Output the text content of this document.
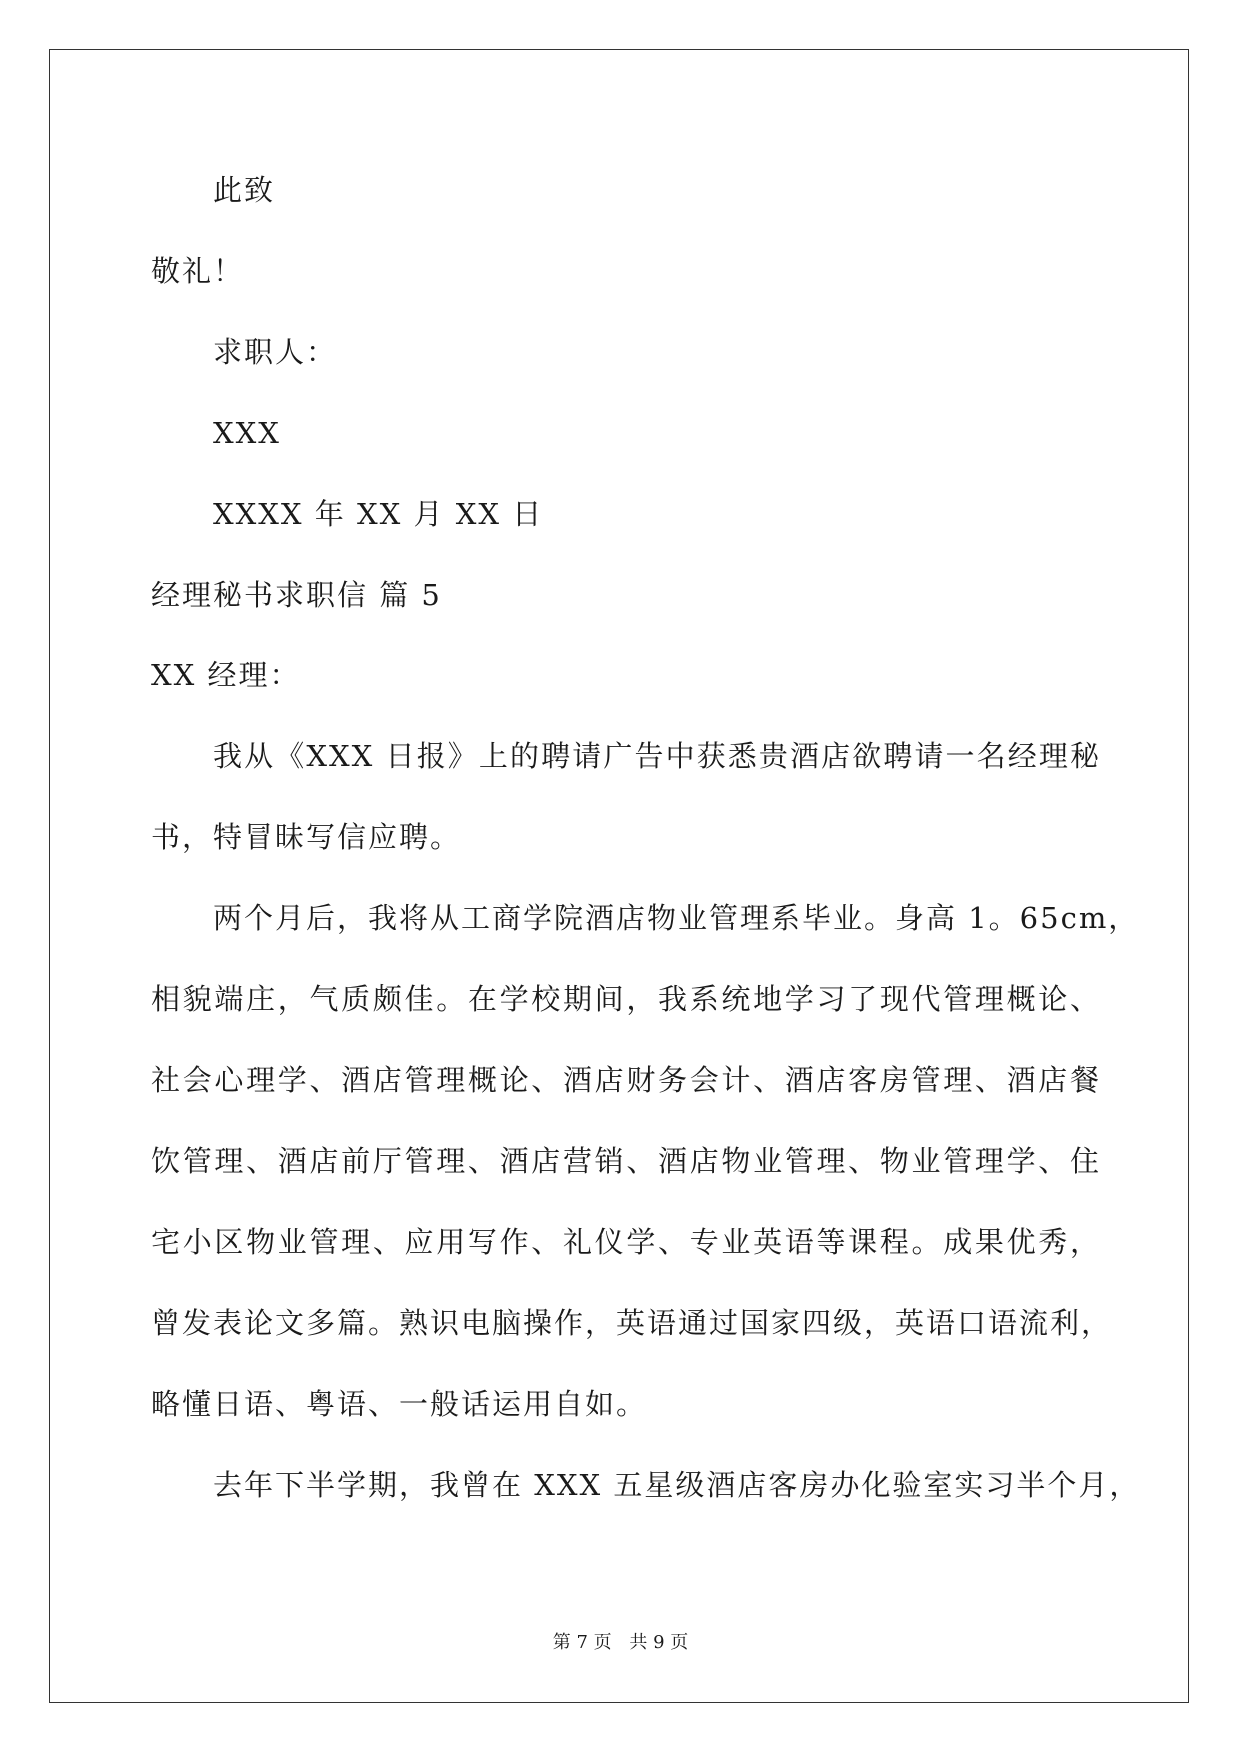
此致
敬礼！
求职人：
XXX
XXXX 年 XX 月 XX 日
经理秘书求职信 篇 5
XX 经理：
我从《XXX 日报》上的聘请广告中获悉贵酒店欲聘请一名经理秘
书，特冒昧写信应聘。
两个月后，我将从工商学院酒店物业管理系毕业。身高 1。65cm，
相貌端庄，气质颇佳。在学校期间，我系统地学习了现代管理概论、
社会心理学、酒店管理概论、酒店财务会计、酒店客房管理、酒店餐
饮管理、酒店前厅管理、酒店营销、酒店物业管理、物业管理学、住
宅小区物业管理、应用写作、礼仪学、专业英语等课程。成果优秀，
曾发表论文多篇。熟识电脑操作，英语通过国家四级，英语口语流利，
略懂日语、粤语、一般话运用自如。
去年下半学期，我曾在 XXX 五星级酒店客房办化验室实习半个月，
第 7 页 共 9 页
